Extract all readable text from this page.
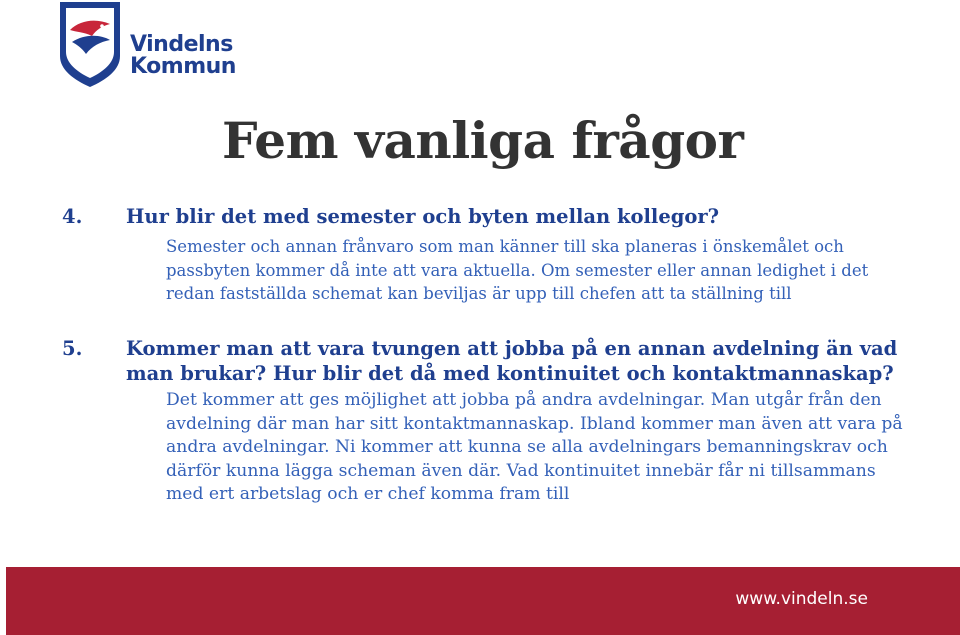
Vindelns
Kommun
Fem vanliga frågor
4. Hur blir det med semester och byten mellan kollegor?

Semester och annan frånvaro som man känner till ska planeras i önskemålet och passbyten kommer då inte att vara aktuella. Om semester eller annan ledighet i det redan fastställda schemat kan beviljas är upp till chefen att ta ställning till

5. Kommer man att vara tvungen att jobba på en annan avdelning än vad man brukar? Hur blir det då med kontinuitet och kontaktmannaskap?

Det kommer att ges möjlighet att jobba på andra avdelningar. Man utgår från den avdelning där man har sitt kontaktmannaskap. Ibland kommer man även att vara på andra avdelningar. Ni kommer att kunna se alla avdelningars bemanningskrav och därför kunna lägga scheman även där. Vad kontinuitet innebär får ni tillsammans med ert arbetslag och er chef komma fram till

www.vindeln.se
